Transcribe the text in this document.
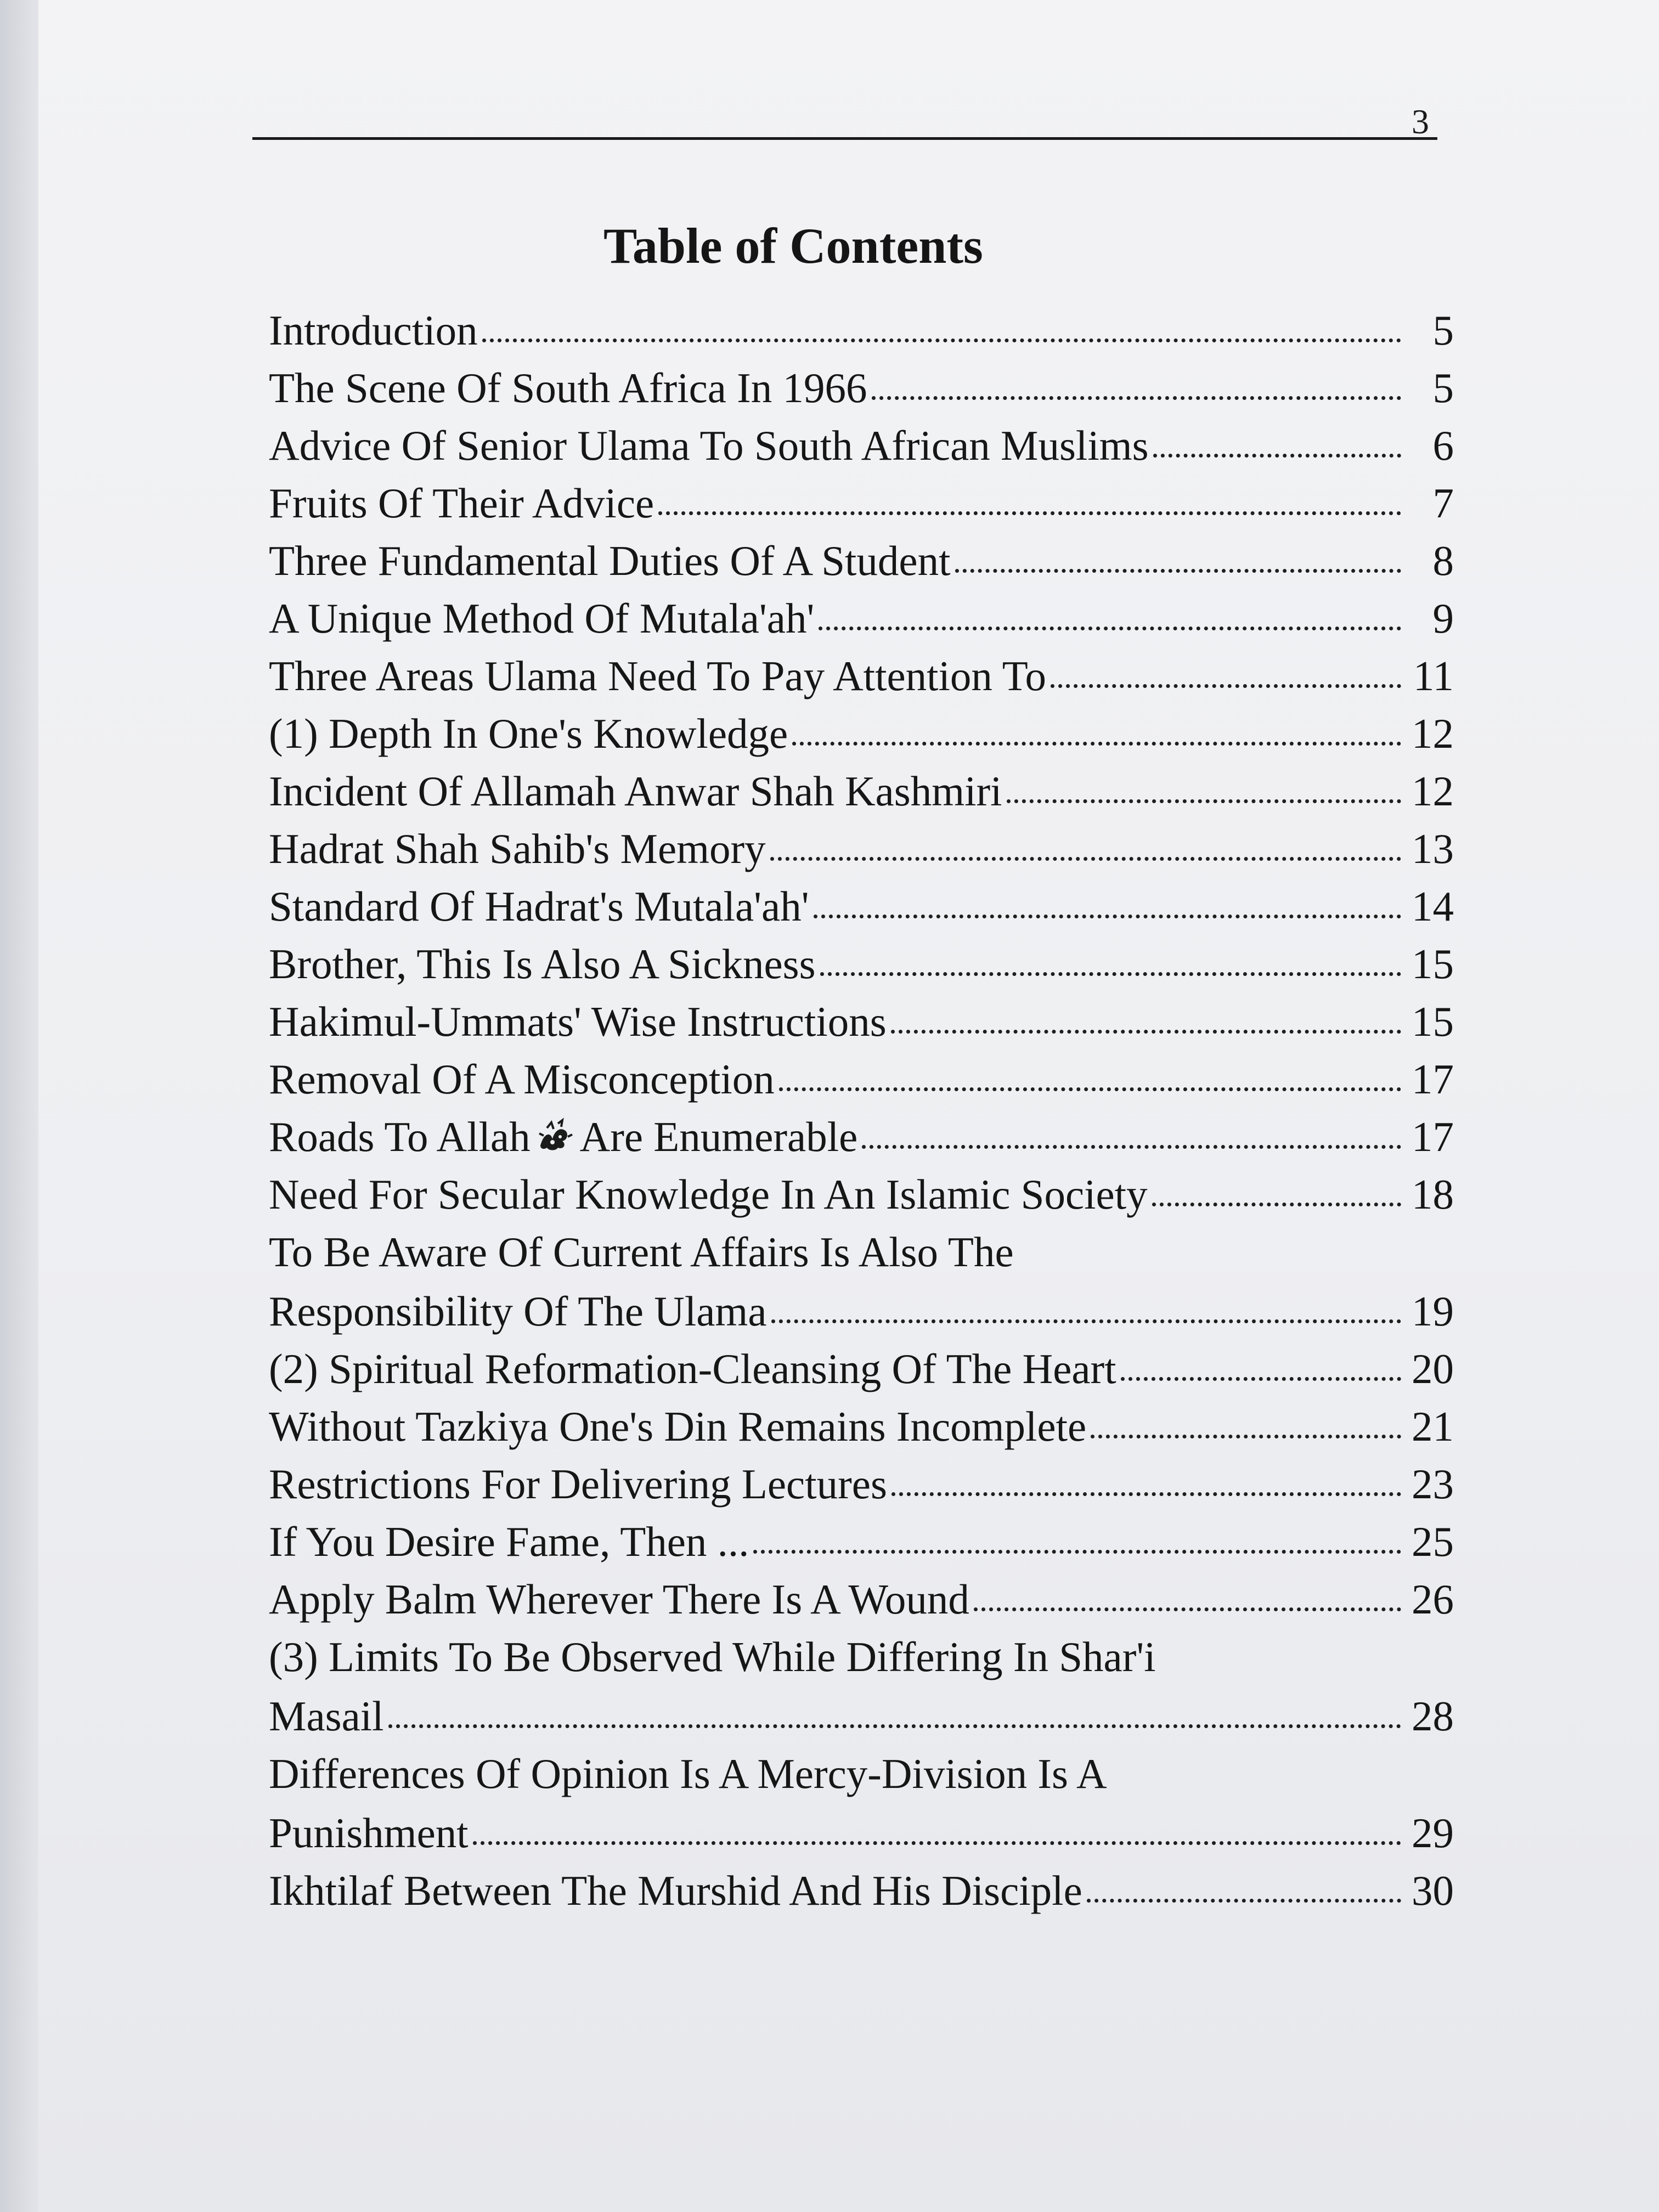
3
Table of Contents
Introduction	5
The Scene Of South Africa In 1966	5
Advice Of Senior Ulama To South African Muslims	6
Fruits Of Their Advice	7
Three Fundamental Duties Of A Student	8
A Unique Method Of Mutala'ah'	9
Three Areas Ulama Need To Pay Attention To	11
(1) Depth In One's Knowledge	12
Incident Of Allamah Anwar Shah Kashmiri	12
Hadrat Shah Sahib's Memory	13
Standard Of Hadrat's Mutala'ah'	14
Brother, This Is Also A Sickness	15
Hakimul-Ummats' Wise Instructions	15
Removal Of A Misconception	17
Roads To Allah Are Enumerable	17
Need For Secular Knowledge In An Islamic Society	18
To Be Aware Of Current Affairs Is Also The
Responsibility Of The Ulama	19
(2) Spiritual Reformation-Cleansing Of The Heart	20
Without Tazkiya One's Din Remains Incomplete	21
Restrictions For Delivering Lectures	23
If You Desire Fame, Then ...	25
Apply Balm Wherever There Is A Wound	26
(3) Limits To Be Observed While Differing In Shar'i
Masail	28
Differences Of Opinion Is A Mercy-Division Is A
Punishment	29
Ikhtilaf Between The Murshid And His Disciple	30
